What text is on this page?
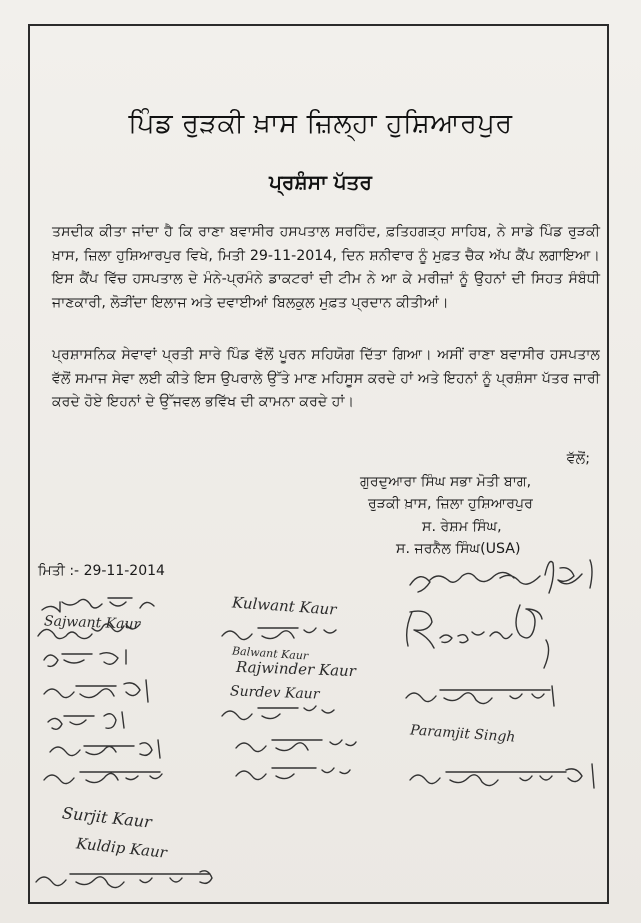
ਪਿੰਡ ਰੁੜਕੀ ਖ਼ਾਸ ਜ਼ਿਲ੍ਹਾ ਹੁਸ਼ਿਆਰਪੁਰ
ਪ੍ਰਸ਼ੰਸਾ ਪੱਤਰ
ਤਸਦੀਕ ਕੀਤਾ ਜਾਂਦਾ ਹੈ ਕਿ ਰਾਣਾ ਬਵਾਸੀਰ ਹਸਪਤਾਲ ਸਰਹਿੰਦ, ਫ਼ਤਿਹਗੜ੍ਹ ਸਾਹਿਬ, ਨੇ ਸਾਡੇ ਪਿੰਡ ਰੁੜਕੀ ਖ਼ਾਸ, ਜ਼ਿਲਾ ਹੁਸ਼ਿਆਰਪੁਰ ਵਿਖੇ, ਮਿਤੀ 29-11-2014, ਦਿਨ ਸ਼ਨੀਵਾਰ ਨੂੰ ਮੁਫ਼ਤ ਚੈਕ ਅੱਪ ਕੈਂਪ ਲਗਾਇਆ। ਇਸ ਕੈਂਪ ਵਿੱਚ ਹਸਪਤਾਲ ਦੇ ਮੰਨੇ-ਪ੍ਰਮੰਨੇ ਡਾਕਟਰਾਂ ਦੀ ਟੀਮ ਨੇ ਆ ਕੇ ਮਰੀਜ਼ਾਂ ਨੂੰ ਉਹਨਾਂ ਦੀ ਸਿਹਤ ਸੰਬੰਧੀ ਜਾਣਕਾਰੀ, ਲੋੜੀਂਦਾ ਇਲਾਜ ਅਤੇ ਦਵਾਈਆਂ ਬਿਲਕੁਲ ਮੁਫ਼ਤ ਪ੍ਰਦਾਨ ਕੀਤੀਆਂ।
ਪ੍ਰਸ਼ਾਸਨਿਕ ਸੇਵਾਵਾਂ ਪ੍ਰਤੀ ਸਾਰੇ ਪਿੰਡ ਵੱਲੋਂ ਪੂਰਨ ਸਹਿਯੋਗ ਦਿੱਤਾ ਗਿਆ। ਅਸੀਂ ਰਾਣਾ ਬਵਾਸੀਰ ਹਸਪਤਾਲ ਵੱਲੋਂ ਸਮਾਜ ਸੇਵਾ ਲਈ ਕੀਤੇ ਇਸ ਉਪਰਾਲੇ ਉੱਤੇ ਮਾਣ ਮਹਿਸੂਸ ਕਰਦੇ ਹਾਂ ਅਤੇ ਇਹਨਾਂ ਨੂੰ ਪ੍ਰਸ਼ੰਸਾ ਪੱਤਰ ਜਾਰੀ ਕਰਦੇ ਹੋਏ ਇਹਨਾਂ ਦੇ ਉੱਜਵਲ ਭਵਿੱਖ ਦੀ ਕਾਮਨਾ ਕਰਦੇ ਹਾਂ।
ਵੱਲੋਂ;
ਗੁਰਦੁਆਰਾ ਸਿੰਘ ਸਭਾ ਮੋਤੀ ਬਾਗ,
ਰੁੜਕੀ ਖ਼ਾਸ, ਜ਼ਿਲਾ ਹੁਸ਼ਿਆਰਪੁਰ
ਸ. ਰੇਸ਼ਮ ਸਿੰਘ,
ਸ. ਜਰਨੈਲ ਸਿੰਘ(USA)
ਮਿਤੀ :- 29-11-2014
Kulwant Kaur
Sajwant Kaur
Balwant Kaur
Rajwinder Kaur
Surdev Kaur
Paramjit Singh
Surjit Kaur
Kuldip Kaur
